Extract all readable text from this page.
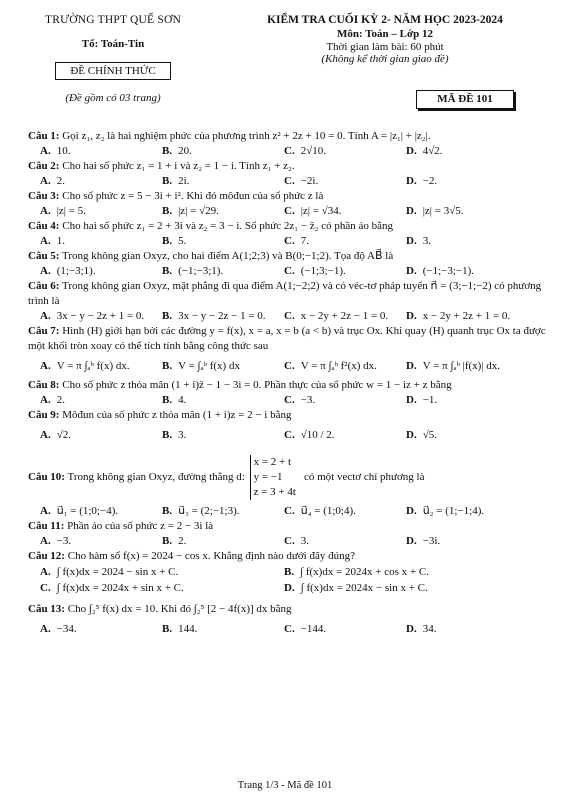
TRƯỜNG THPT QUẾ SƠN
Tổ: Toán-Tin
ĐỀ CHÍNH THỨC
(Đề gồm có 03 trang)
KIỂM TRA CUỐI KỲ 2- NĂM HỌC 2023-2024
Môn: Toán – Lớp 12
Thời gian làm bài: 60 phút
(Không kể thời gian giao đề)
MÃ ĐỀ 101
Câu 1: Gọi z₁, z₂ là hai nghiệm phức của phương trình z² + 2z + 10 = 0. Tính A = |z₁| + |z₂|.
A. 10.	B. 20.	C. 2√10.	D. 4√2.
Câu 2: Cho hai số phức z₁ = 1 + i và z₂ = 1 − i. Tính z₁ + z₂.
A. 2.	B. 2i.	C. −2i.	D. −2.
Câu 3: Cho số phức z = 5 − 3i + i². Khi đó môđun của số phức z là
A. |z| = 5.	B. |z| = √29.	C. |z| = √34.	D. |z| = 3√5.
Câu 4: Cho hai số phức z₁ = 2 + 3i và z₂ = 3 − i. Số phức 2z₁ − z̄₂ có phần ảo bằng
A. 1.	B. 5.	C. 7.	D. 3.
Câu 5: Trong không gian Oxyz, cho hai điểm A(1;2;3) và B(0;−1;2). Tọa độ AB⃗ là
A. (1;−3;1).	B. (−1;−3;1).	C. (−1;3;−1).	D. (−1;−3;−1).
Câu 6: Trong không gian Oxyz, mặt phẳng đi qua điểm A(1;−2;2) và có véc-tơ pháp tuyến n⃗ = (3;−1;−2) có phương trình là
A. 3x − y − 2z + 1 = 0.	B. 3x − y − 2z − 1 = 0.	C. x − 2y + 2z − 1 = 0.	D. x − 2y + 2z + 1 = 0.
Câu 7: Hình (H) giới hạn bởi các đường y = f(x), x = a, x = b (a < b) và trục Ox. Khi quay (H) quanh trục Ox ta được một khối tròn xoay có thể tích tính bằng công thức sau
A. V = π ∫ₐᵇ f(x) dx.	B. V = ∫ₐᵇ f(x) dx	C. V = π ∫ₐᵇ f²(x) dx.	D. V = π ∫ₐᵇ |f(x)| dx.
Câu 8: Cho số phức z thỏa mãn (1 + i)z̄ − 1 − 3i = 0. Phần thực của số phức w = 1 − iz + z bằng
A. 2.	B. 4.	C. −3.	D. −1.
Câu 9: Môđun của số phức z thỏa mãn (1 + i)z = 2 − i bằng
A. √2.	B. 3.	C. √10 / 2.	D. √5.
Câu 10: Trong không gian Oxyz, đường thẳng d:
x = 2 + t
y = −1
z = 3 + 4t
có một vectơ chỉ phương là
A. u⃗₁ = (1;0;−4).	B. u⃗₃ = (2;−1;3).	C. u⃗₄ = (1;0;4).	D. u⃗₂ = (1;−1;4).
Câu 11: Phần ảo của số phức z = 2 − 3i là
A. −3.	B. 2.	C. 3.	D. −3i.
Câu 12: Cho hàm số f(x) = 2024 − cos x. Khẳng định nào dưới đây đúng?
A. ∫ f(x)dx = 2024 − sin x + C.	B. ∫ f(x)dx = 2024x + cos x + C.
C. ∫ f(x)dx = 2024x + sin x + C.	D. ∫ f(x)dx = 2024x − sin x + C.
Câu 13: Cho ∫₂⁵ f(x) dx = 10. Khi đó ∫₂⁵ [2 − 4f(x)] dx bằng
A. −34.	B. 144.	C. −144.	D. 34.
Trang 1/3 - Mã đề 101
